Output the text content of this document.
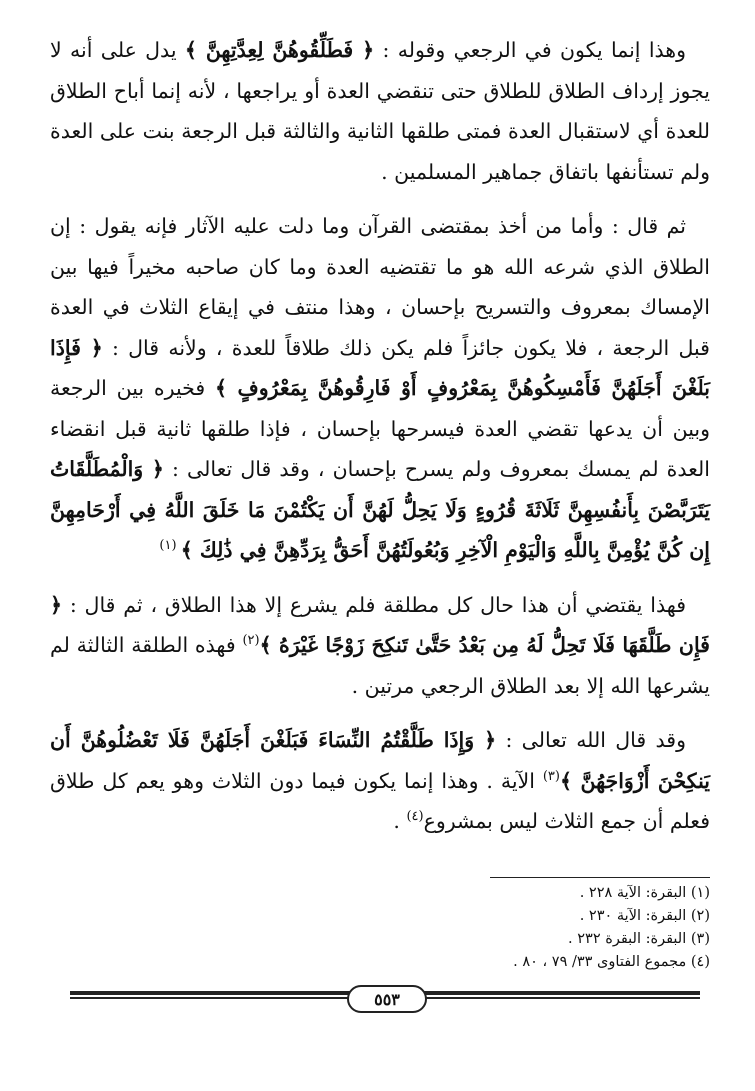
وهذا إنما يكون في الرجعي وقوله : ﴿ فَطَلِّقُوهُنَّ لِعِدَّتِهِنَّ ﴾ يدل على أنه لا يجوز إرداف الطلاق للطلاق حتى تنقضي العدة أو يراجعها ، لأنه إنما أباح الطلاق للعدة أي لاستقبال العدة فمتى طلقها الثانية والثالثة قبل الرجعة بنت على العدة ولم تستأنفها باتفاق جماهير المسلمين .

ثم قال : وأما من أخذ بمقتضى القرآن وما دلت عليه الآثار فإنه يقول : إن الطلاق الذي شرعه الله هو ما تقتضيه العدة وما كان صاحبه مخيراً فيها بين الإمساك بمعروف والتسريح بإحسان ، وهذا منتف في إيقاع الثلاث في العدة قبل الرجعة ، فلا يكون جائزاً فلم يكن ذلك طلاقاً للعدة ، ولأنه قال : ﴿ فَإِذَا بَلَغْنَ أَجَلَهُنَّ فَأَمْسِكُوهُنَّ بِمَعْرُوفٍ أَوْ فَارِقُوهُنَّ بِمَعْرُوفٍ ﴾ فخيره بين الرجعة وبين أن يدعها تقضي العدة فيسرحها بإحسان ، فإذا طلقها ثانية قبل انقضاء العدة لم يمسك بمعروف ولم يسرح بإحسان ، وقد قال تعالى : ﴿ وَالْمُطَلَّقَاتُ يَتَرَبَّصْنَ بِأَنفُسِهِنَّ ثَلَاثَةَ قُرُوءٍ وَلَا يَحِلُّ لَهُنَّ أَن يَكْتُمْنَ مَا خَلَقَ اللَّهُ فِي أَرْحَامِهِنَّ إِن كُنَّ يُؤْمِنَّ بِاللَّهِ وَالْيَوْمِ الْآخِرِ وَبُعُولَتُهُنَّ أَحَقُّ بِرَدِّهِنَّ فِي ذَٰلِكَ ﴾ $^{(١)}$

فهذا يقتضي أن هذا حال كل مطلقة فلم يشرع إلا هذا الطلاق ، ثم قال : ﴿ فَإِن طَلَّقَهَا فَلَا تَحِلُّ لَهُ مِن بَعْدُ حَتَّىٰ تَنكِحَ زَوْجًا غَيْرَهُ ﴾$^{(٢)}$ فهذه الطلقة الثالثة لم يشرعها الله إلا بعد الطلاق الرجعي مرتين .

وقد قال الله تعالى : ﴿ وَإِذَا طَلَّقْتُمُ النِّسَاءَ فَبَلَغْنَ أَجَلَهُنَّ فَلَا تَعْضُلُوهُنَّ أَن يَنكِحْنَ أَزْوَاجَهُنَّ ﴾$^{(٣)}$ الآية . وهذا إنما يكون فيما دون الثلاث وهو يعم كل طلاق فعلم أن جمع الثلاث ليس بمشروع$^{(٤)}$ .

(١) البقرة: الآية ٢٢٨ .

(٢) البقرة: الآية ٢٣٠ .

(٣) البقرة: البقرة ٢٣٢ .

(٤) مجموع الفتاوى ٣٣/ ٧٩ ، ٨٠ .

٥٥٣
